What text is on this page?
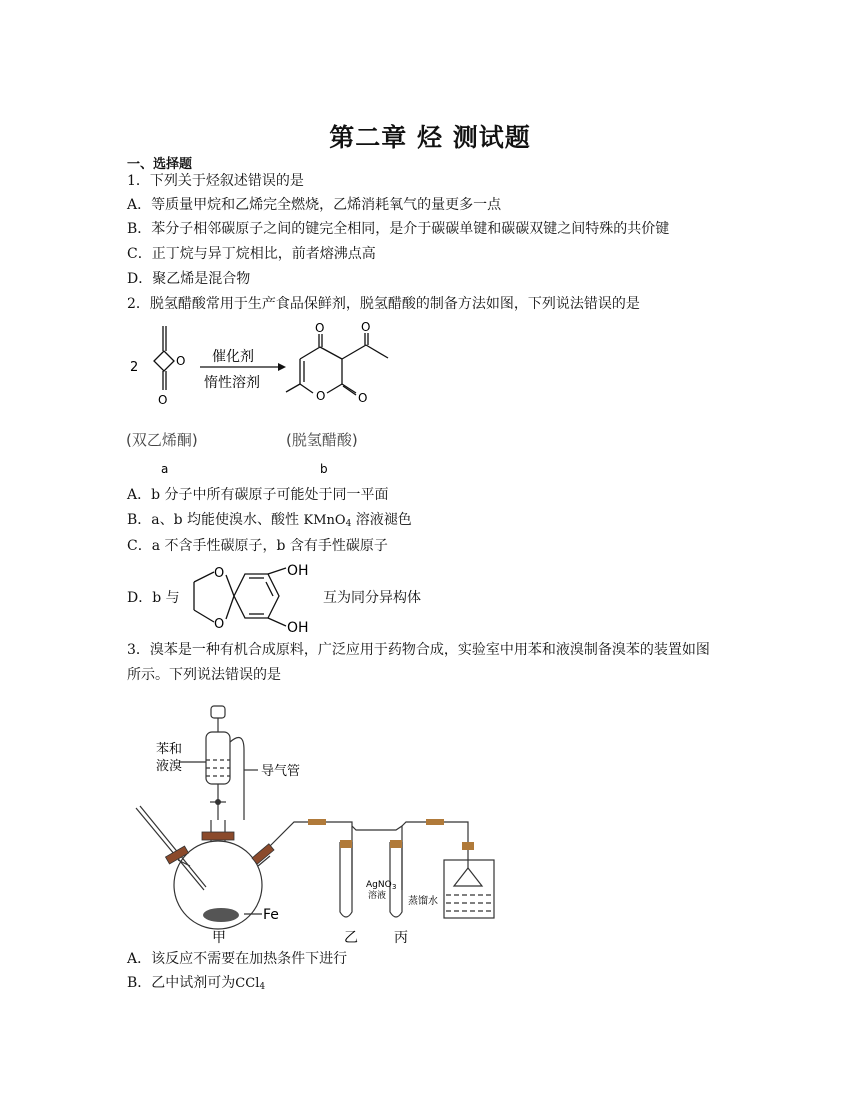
第二章 烃 测试题
一、选择题
1．下列关于烃叙述错误的是
A．等质量甲烷和乙烯完全燃烧，乙烯消耗氧气的量更多一点
B．苯分子相邻碳原子之间的键完全相同，是介于碳碳单键和碳碳双键之间特殊的共价键
C．正丁烷与异丁烷相比，前者熔沸点高
D．聚乙烯是混合物
2．脱氢醋酸常用于生产食品保鲜剂，脱氢醋酸的制备方法如图，下列说法错误的是
2	O
O
催化剂
惰性溶剂
O	O
O	O
(双乙烯酮)	(脱氢醋酸)
a	b
A．b 分子中所有碳原子可能处于同一平面
B．a、b 均能使溴水、酸性 KMnO$_4$ 溶液褪色
C．a 不含手性碳原子，b 含有手性碳原子
D．b 与
O
O
OH
OH
互为同分异构体
3．溴苯是一种有机合成原料，广泛应用于药物合成，实验室中用苯和液溴制备溴苯的装置如图
所示。下列说法错误的是
苯和
液溴	导气管
Fe
AgNO 3
溶液 蒸馏水
甲	乙	丙
A．该反应不需要在加热条件下进行
B．乙中试剂可为CCl$_4$
